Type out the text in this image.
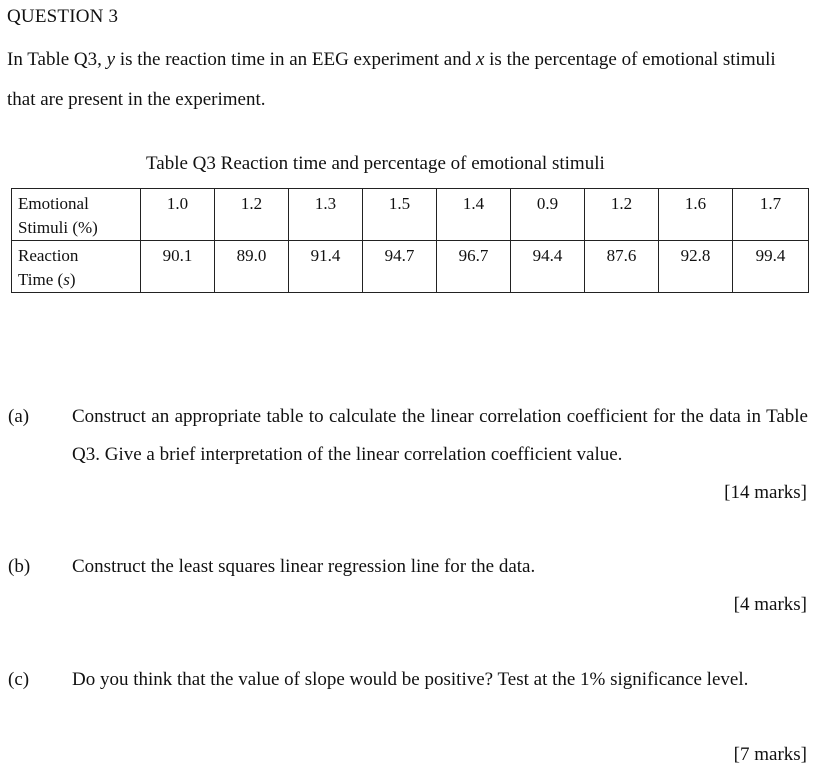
QUESTION 3
In Table Q3, y is the reaction time in an EEG experiment and x is the percentage of emotional stimuli that are present in the experiment.
Table Q3 Reaction time and percentage of emotional stimuli
Emotional
Stimuli (%)	1.0	1.2	1.3	1.5	1.4	0.9	1.2	1.6	1.7

Reaction
Time (s)	90.1	89.0	91.4	94.7	96.7	94.4	87.6	92.8	99.4
(a) Construct an appropriate table to calculate the linear correlation coefficient for the data in Table Q3. Give a brief interpretation of the linear correlation coefficient value.
[14 marks]
(b) Construct the least squares linear regression line for the data.
[4 marks]
(c) Do you think that the value of slope would be positive? Test at the 1% significance level.
[7 marks]
